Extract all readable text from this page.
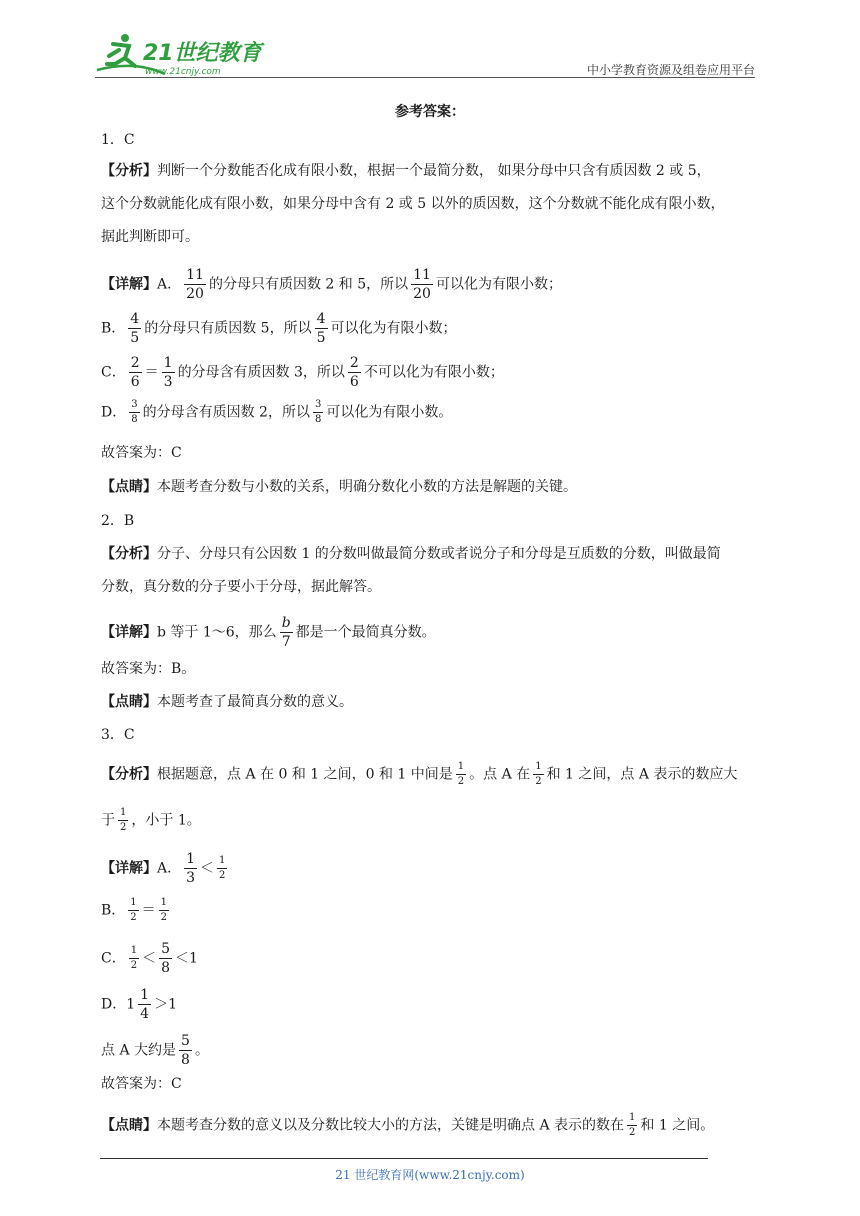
21世纪教育
www.21cnjy.com	中小学教育资源及组卷应用平台
参考答案：
1．C
【分析】判断一个分数能否化成有限小数，根据一个最简分数， 如果分母中只含有质因数 2 或 5，
这个分数就能化成有限小数，如果分母中含有 2 或 5 以外的质因数，这个分数就不能化成有限小数，
据此判断即可。
【详解】A． $\frac{11}{20}$ 的分母只有质因数 2 和 5，所以 $\frac{11}{20}$ 可以化为有限小数；
B． $\frac{4}{5}$ 的分母只有质因数 5，所以 $\frac{4}{5}$ 可以化为有限小数；
C． $\frac{2}{6} = \frac{1}{3}$ 的分母含有质因数 3，所以 $\frac{2}{6}$ 不可以化为有限小数；
D． $\frac{3}{8}$ 的分母含有质因数 2，所以 $\frac{3}{8}$ 可以化为有限小数。
故答案为：C
【点睛】本题考查分数与小数的关系，明确分数化小数的方法是解题的关键。
2．B
【分析】分子、分母只有公因数 1 的分数叫做最简分数或者说分子和分母是互质数的分数，叫做最简
分数，真分数的分子要小于分母，据此解答。
【详解】b 等于 1～6，那么 $\frac{b}{7}$ 都是一个最简真分数。
故答案为：B。
【点睛】本题考查了最简真分数的意义。
3．C
【分析】根据题意，点 A 在 0 和 1 之间，0 和 1 中间是 $\frac{1}{2}$ 。点 A 在 $\frac{1}{2}$ 和 1 之间，点 A 表示的数应大
于 $\frac{1}{2}$ ，小于 1。
【详解】A． $\frac{1}{3} < \frac{1}{2}$
B． $\frac{1}{2} = \frac{1}{2}$
C． $\frac{1}{2} < \frac{5}{8} <1$
D．$1 \frac{1}{4} >1$
点 A 大约是 $\frac{5}{8}$ 。
故答案为：C
【点睛】本题考查分数的意义以及分数比较大小的方法，关键是明确点 A 表示的数在 $\frac{1}{2}$ 和 1 之间。
21 世纪教育网(www.21cnjy.com)
